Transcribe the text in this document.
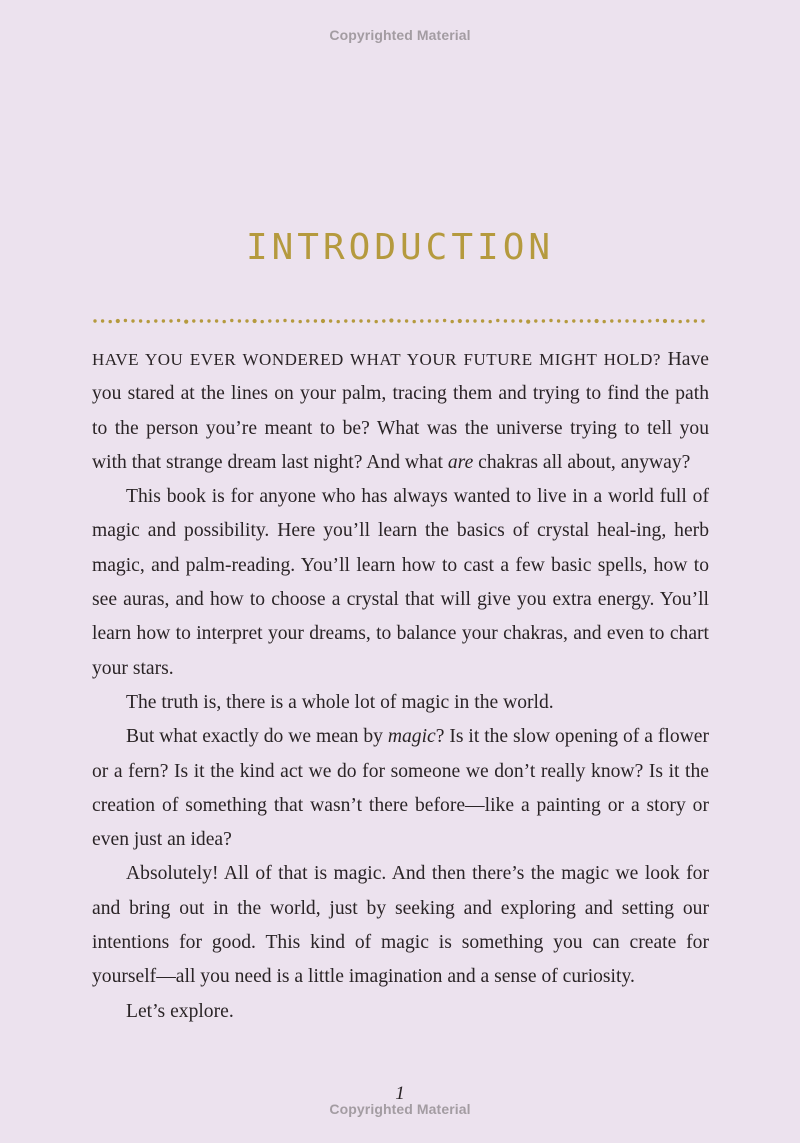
Copyrighted Material
INTRODUCTION

HAVE YOU EVER WONDERED WHAT YOUR FUTURE MIGHT HOLD? Have you stared at the lines on your palm, tracing them and trying to find the path to the person you’re meant to be? What was the universe trying to tell you with that strange dream last night? And what are chakras all about, anyway?

This book is for anyone who has always wanted to live in a world full of magic and possibility. Here you’ll learn the basics of crystal heal-ing, herb magic, and palm-reading. You’ll learn how to cast a few basic spells, how to see auras, and how to choose a crystal that will give you extra energy. You’ll learn how to interpret your dreams, to balance your chakras, and even to chart your stars.

The truth is, there is a whole lot of magic in the world.

But what exactly do we mean by magic? Is it the slow opening of a flower or a fern? Is it the kind act we do for someone we don’t really know? Is it the creation of something that wasn’t there before—like a painting or a story or even just an idea?

Absolutely! All of that is magic. And then there’s the magic we look for and bring out in the world, just by seeking and exploring and setting our intentions for good. This kind of magic is something you can create for yourself—all you need is a little imagination and a sense of curiosity.

Let’s explore.

1
Copyrighted Material
